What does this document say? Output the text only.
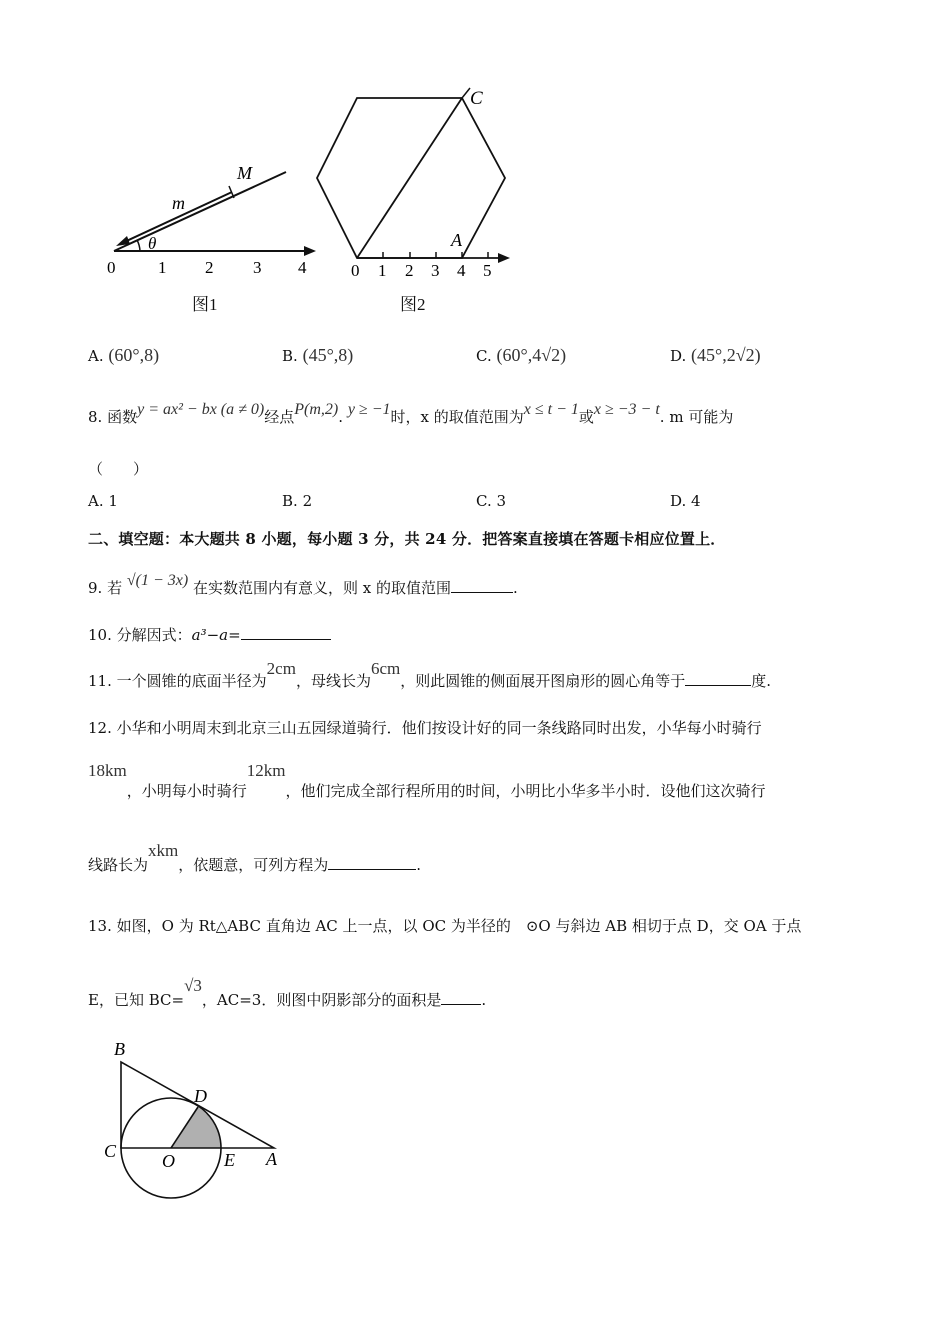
m
M
θ
0	1 2 3 4
图1
C
A
0 1 2 3 4 5
图2
A. (60°,8)	B. (45°,8)	C. (60°,4√2)	D. (45°,2√2)
8. 函数y = ax² − bx (a ≠ 0)经点P(m,2). y ≥ −1时，x 的取值范围为x ≤ t − 1或x ≥ −3 − t. m 可能为
（　　）
A. 1	B. 2	C. 3	D. 4
二、填空题：本大题共 8 小题，每小题 3 分，共 24 分．把答案直接填在答题卡相应位置上．
9. 若 √(1 − 3x) 在实数范围内有意义，则 x 的取值范围	.
10. 分解因式：a³−a=
11. 一个圆锥的底面半径为2cm，母线长为6cm，则此圆锥的侧面展开图扇形的圆心角等于	度.
12. 小华和小明周末到北京三山五园绿道骑行．他们按设计好的同一条线路同时出发，小华每小时骑行
18km，小明每小时骑行12km，他们完成全部行程所用的时间，小明比小华多半小时．设他们这次骑行
线路长为xkm，依题意，可列方程为	.
13. 如图，O 为 Rt△ABC 直角边 AC 上一点，以 OC 为半径的　⊙O 与斜边 AB 相切于点 D，交 OA 于点
E，已知 BC=√3，AC=3．则图中阴影部分的面积是	.
B
D
C	O	E A
